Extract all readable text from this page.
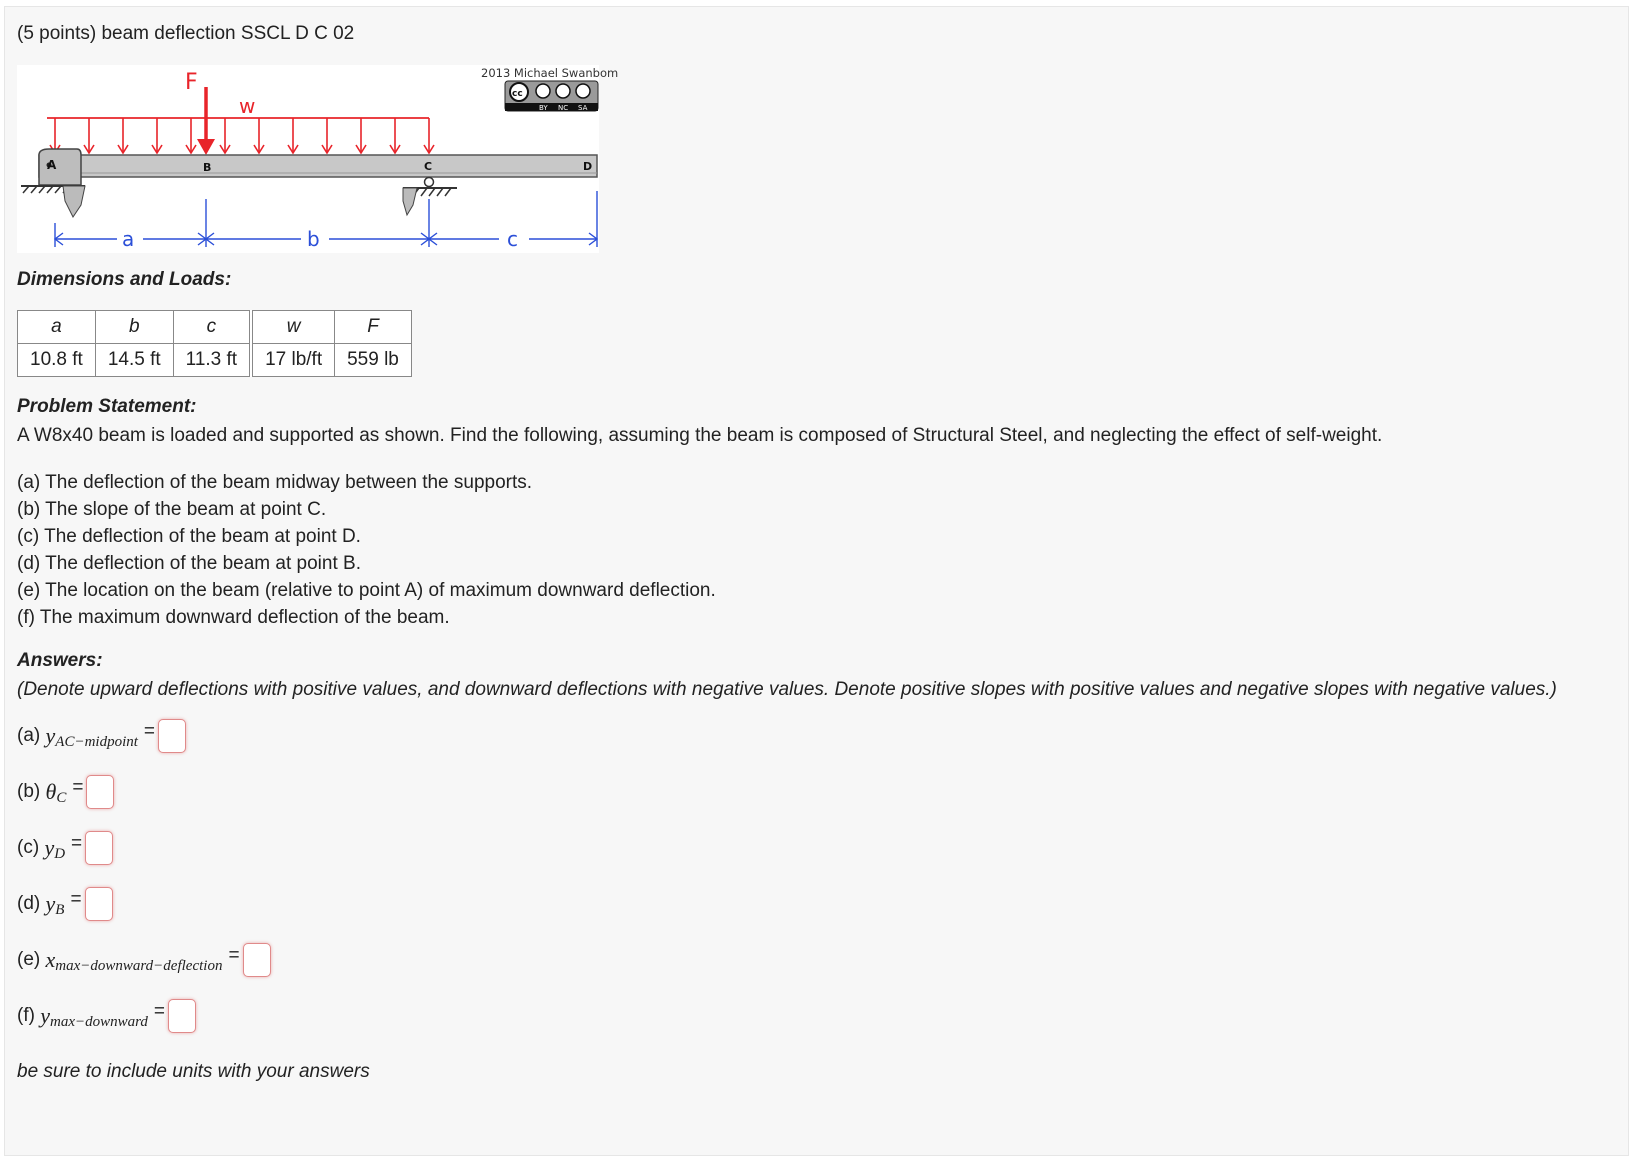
(5 points) beam deflection SSCL D C 02
F
w
A	B	C	D
a	b	c
2013 Michael Swanbom
cc
BY NC SA
Dimensions and Loads:
a	b	c	w	F
10.8 ft	14.5 ft	11.3 ft	17 lb/ft	559 lb
Problem Statement:
A W8x40 beam is loaded and supported as shown. Find the following, assuming the beam is composed of Structural Steel, and neglecting the effect of self-weight.
(a) The deflection of the beam midway between the supports.
(b) The slope of the beam at point C.
(c) The deflection of the beam at point D.
(d) The deflection of the beam at point B.
(e) The location on the beam (relative to point A) of maximum downward deflection.
(f) The maximum downward deflection of the beam.
Answers:
(Denote upward deflections with positive values, and downward deflections with negative values. Denote positive slopes with positive values and negative slopes with negative values.)
(a)
y AC−midpoint =
(b)
θ C =
(c)
y D =
(d)
y B =
(e)
x max−downward−deflection =
(f)
y max−downward =
be sure to include units with your answers
